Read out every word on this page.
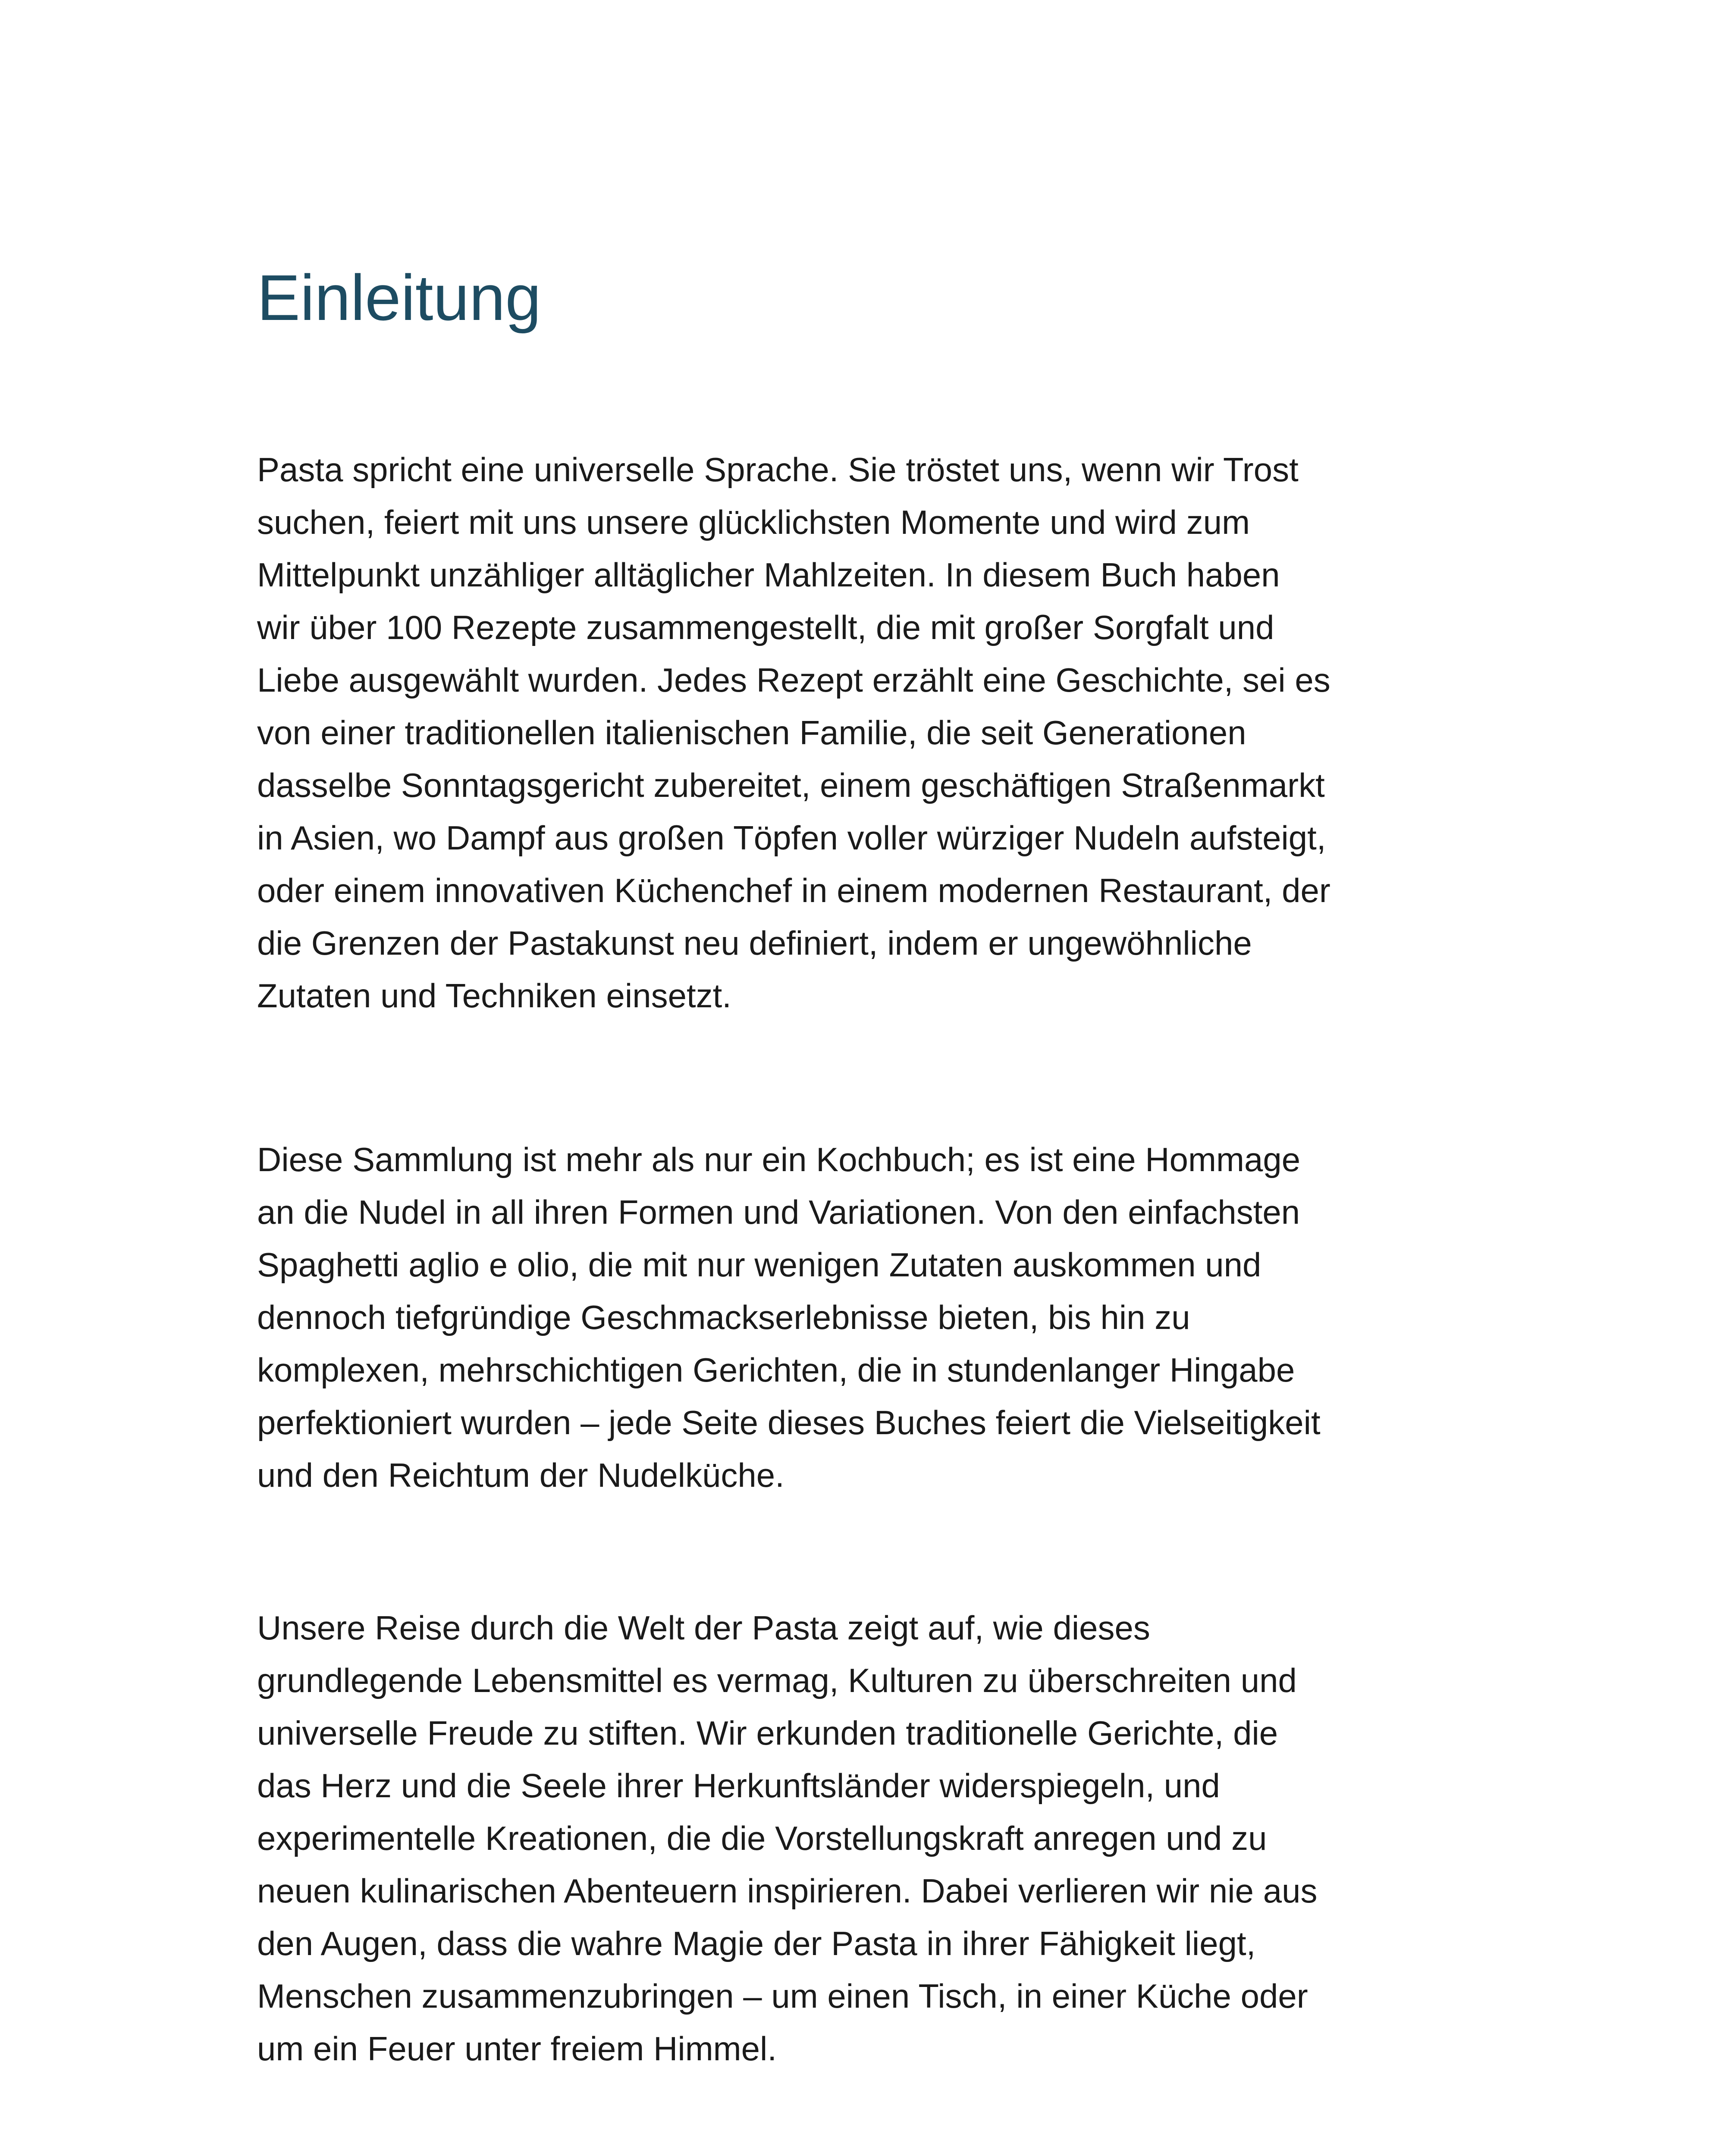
Einleitung

Pasta spricht eine universelle Sprache. Sie tröstet uns, wenn wir Trost
suchen, feiert mit uns unsere glücklichsten Momente und wird zum
Mittelpunkt unzähliger alltäglicher Mahlzeiten. In diesem Buch haben
wir über 100 Rezepte zusammengestellt, die mit großer Sorgfalt und
Liebe ausgewählt wurden. Jedes Rezept erzählt eine Geschichte, sei es
von einer traditionellen italienischen Familie, die seit Generationen
dasselbe Sonntagsgericht zubereitet, einem geschäftigen Straßenmarkt
in Asien, wo Dampf aus großen Töpfen voller würziger Nudeln aufsteigt,
oder einem innovativen Küchenchef in einem modernen Restaurant, der
die Grenzen der Pastakunst neu definiert, indem er ungewöhnliche
Zutaten und Techniken einsetzt.

Diese Sammlung ist mehr als nur ein Kochbuch; es ist eine Hommage
an die Nudel in all ihren Formen und Variationen. Von den einfachsten
Spaghetti aglio e olio, die mit nur wenigen Zutaten auskommen und
dennoch tiefgründige Geschmackserlebnisse bieten, bis hin zu
komplexen, mehrschichtigen Gerichten, die in stundenlanger Hingabe
perfektioniert wurden – jede Seite dieses Buches feiert die Vielseitigkeit
und den Reichtum der Nudelküche.

Unsere Reise durch die Welt der Pasta zeigt auf, wie dieses
grundlegende Lebensmittel es vermag, Kulturen zu überschreiten und
universelle Freude zu stiften. Wir erkunden traditionelle Gerichte, die
das Herz und die Seele ihrer Herkunftsländer widerspiegeln, und
experimentelle Kreationen, die die Vorstellungskraft anregen und zu
neuen kulinarischen Abenteuern inspirieren. Dabei verlieren wir nie aus
den Augen, dass die wahre Magie der Pasta in ihrer Fähigkeit liegt,
Menschen zusammenzubringen – um einen Tisch, in einer Küche oder
um ein Feuer unter freiem Himmel.
